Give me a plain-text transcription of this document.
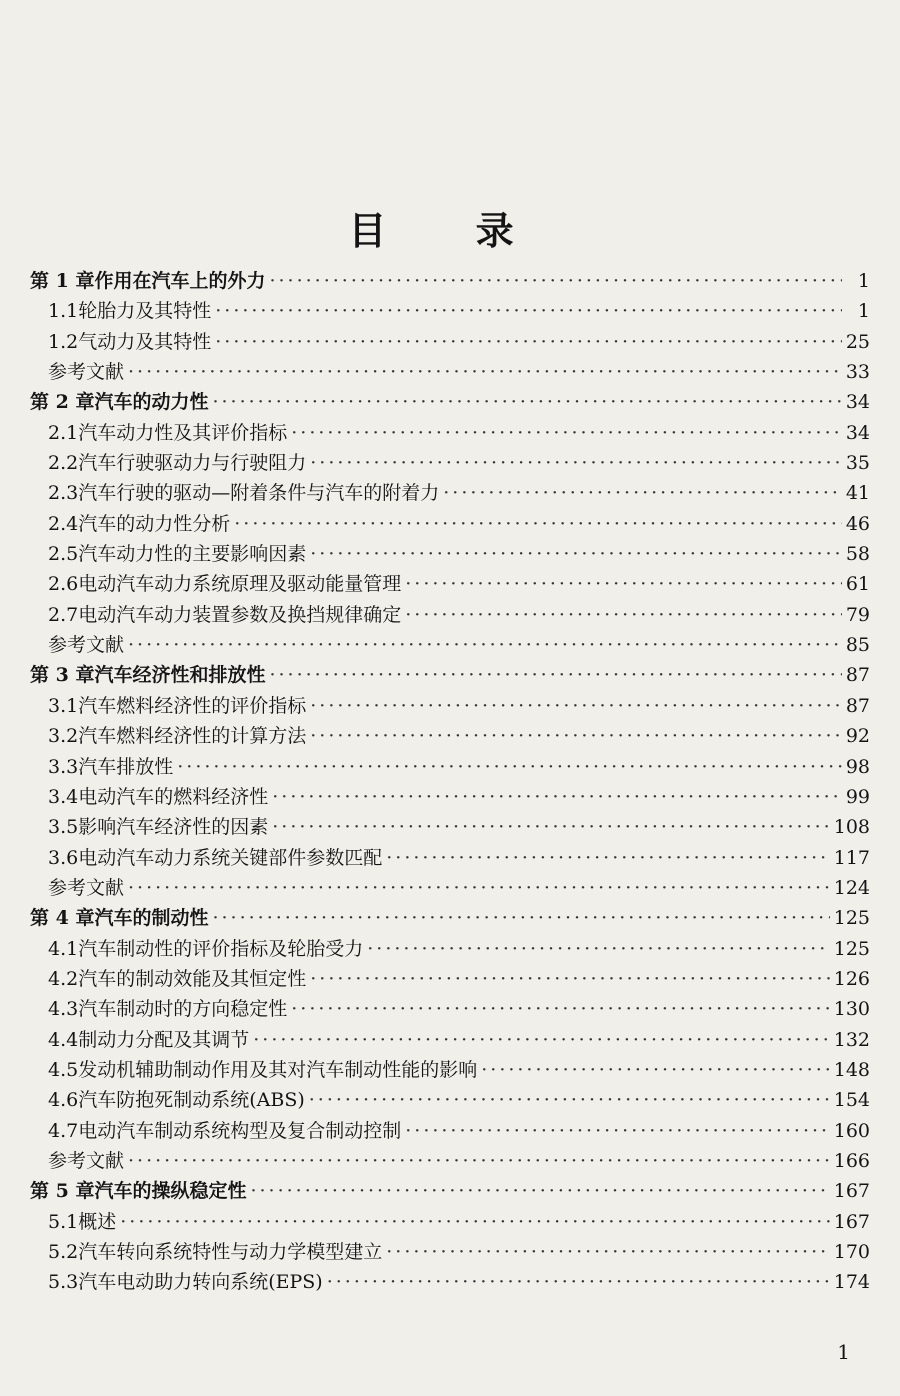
目 录
第 1 章 作用在汽车上的外力 ·····	1
1.1 轮胎力及其特性 ·····	1
1.2 气动力及其特性 ·····	25
参考文献 ·····	33
第 2 章 汽车的动力性 ·····	34
2.1 汽车动力性及其评价指标 ·····	34
2.2 汽车行驶驱动力与行驶阻力 ·····	35
2.3 汽车行驶的驱动—附着条件与汽车的附着力 ·····	41
2.4 汽车的动力性分析 ·····	46
2.5 汽车动力性的主要影响因素 ·····	58
2.6 电动汽车动力系统原理及驱动能量管理 ·····	61
2.7 电动汽车动力装置参数及换挡规律确定 ·····	79
参考文献 ·····	85
第 3 章 汽车经济性和排放性 ·····	87
3.1 汽车燃料经济性的评价指标 ·····	87
3.2 汽车燃料经济性的计算方法 ·····	92
3.3 汽车排放性 ·····	98
3.4 电动汽车的燃料经济性 ·····	99
3.5 影响汽车经济性的因素 ·····	108
3.6 电动汽车动力系统关键部件参数匹配 ·····	117
参考文献 ·····	124
第 4 章 汽车的制动性 ·····	125
4.1 汽车制动性的评价指标及轮胎受力 ·····	125
4.2 汽车的制动效能及其恒定性 ·····	126
4.3 汽车制动时的方向稳定性 ·····	130
4.4 制动力分配及其调节 ·····	132
4.5 发动机辅助制动作用及其对汽车制动性能的影响 ·····	148
4.6 汽车防抱死制动系统(ABS) ·····	154
4.7 电动汽车制动系统构型及复合制动控制 ·····	160
参考文献 ·····	166
第 5 章 汽车的操纵稳定性 ·····	167
5.1 概述 ·····	167
5.2 汽车转向系统特性与动力学模型建立 ·····	170
5.3 汽车电动助力转向系统(EPS) ·····	174
1
